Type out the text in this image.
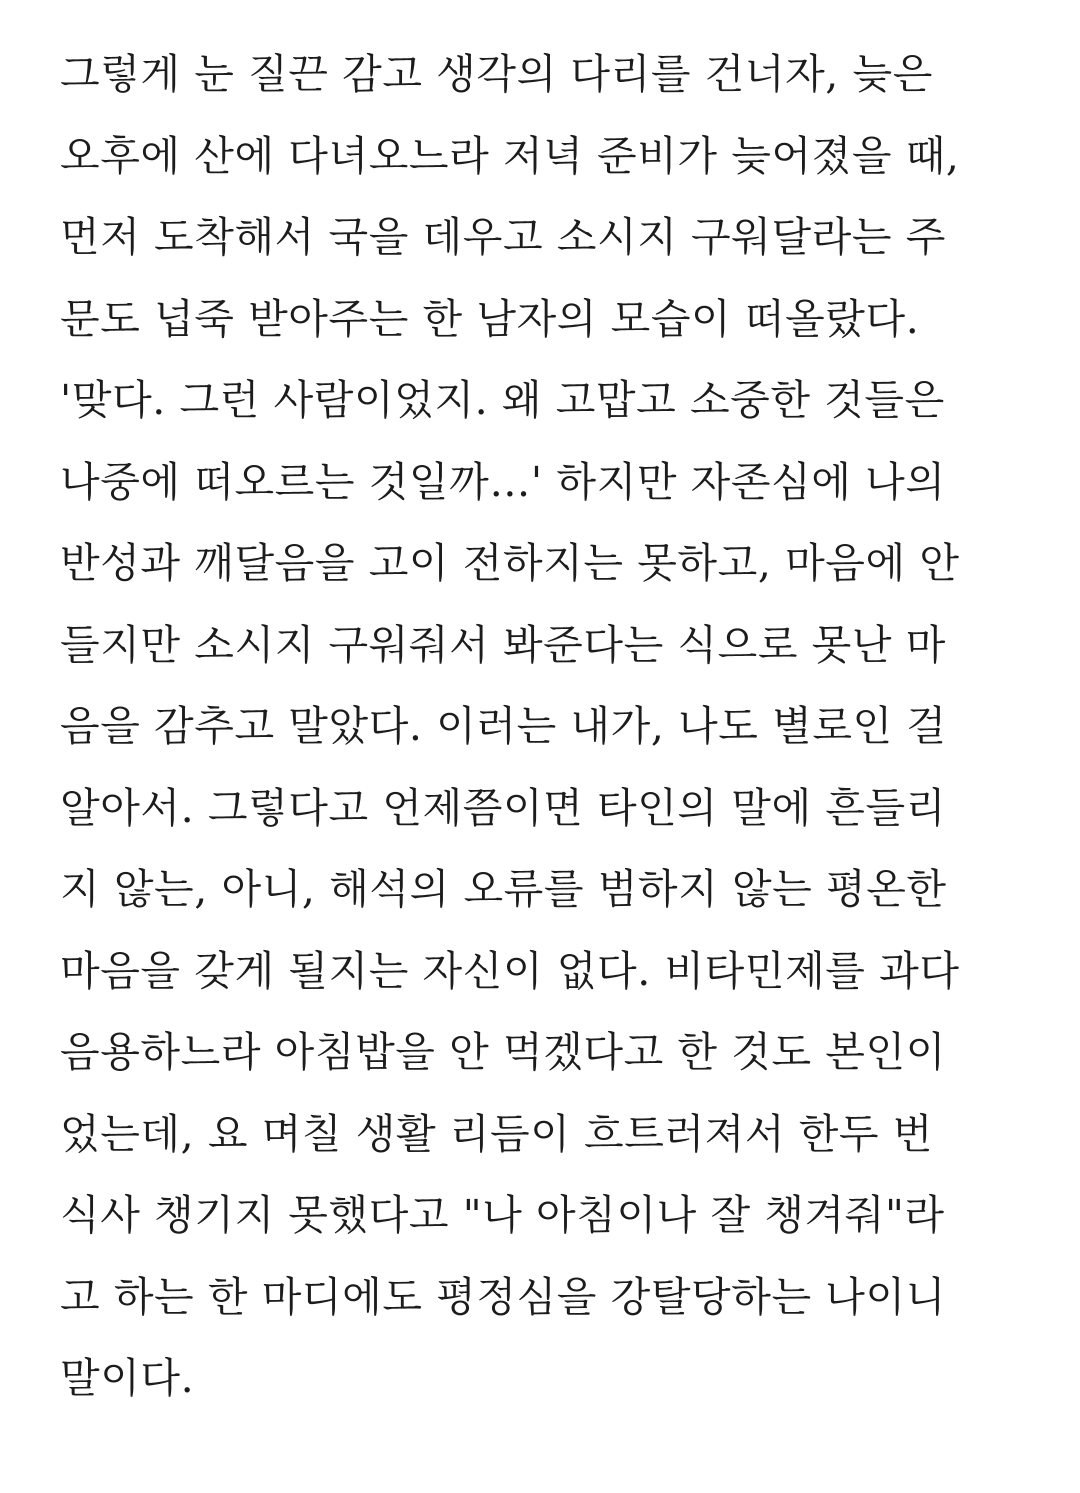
그렇게 눈 질끈 감고 생각의 다리를 건너자, 늦은
오후에 산에 다녀오느라 저녁 준비가 늦어졌을 때,
먼저 도착해서 국을 데우고 소시지 구워달라는 주
문도 넙죽 받아주는 한 남자의 모습이 떠올랐다.
'맞다. 그런 사람이었지. 왜 고맙고 소중한 것들은
나중에 떠오르는 것일까…' 하지만 자존심에 나의
반성과 깨달음을 고이 전하지는 못하고, 마음에 안
들지만 소시지 구워줘서 봐준다는 식으로 못난 마
음을 감추고 말았다. 이러는 내가, 나도 별로인 걸
알아서. 그렇다고 언제쯤이면 타인의 말에 흔들리
지 않는, 아니, 해석의 오류를 범하지 않는 평온한
마음을 갖게 될지는 자신이 없다. 비타민제를 과다
음용하느라 아침밥을 안 먹겠다고 한 것도 본인이
었는데, 요 며칠 생활 리듬이 흐트러져서 한두 번
식사 챙기지 못했다고 "나 아침이나 잘 챙겨줘"라
고 하는 한 마디에도 평정심을 강탈당하는 나이니
말이다.
